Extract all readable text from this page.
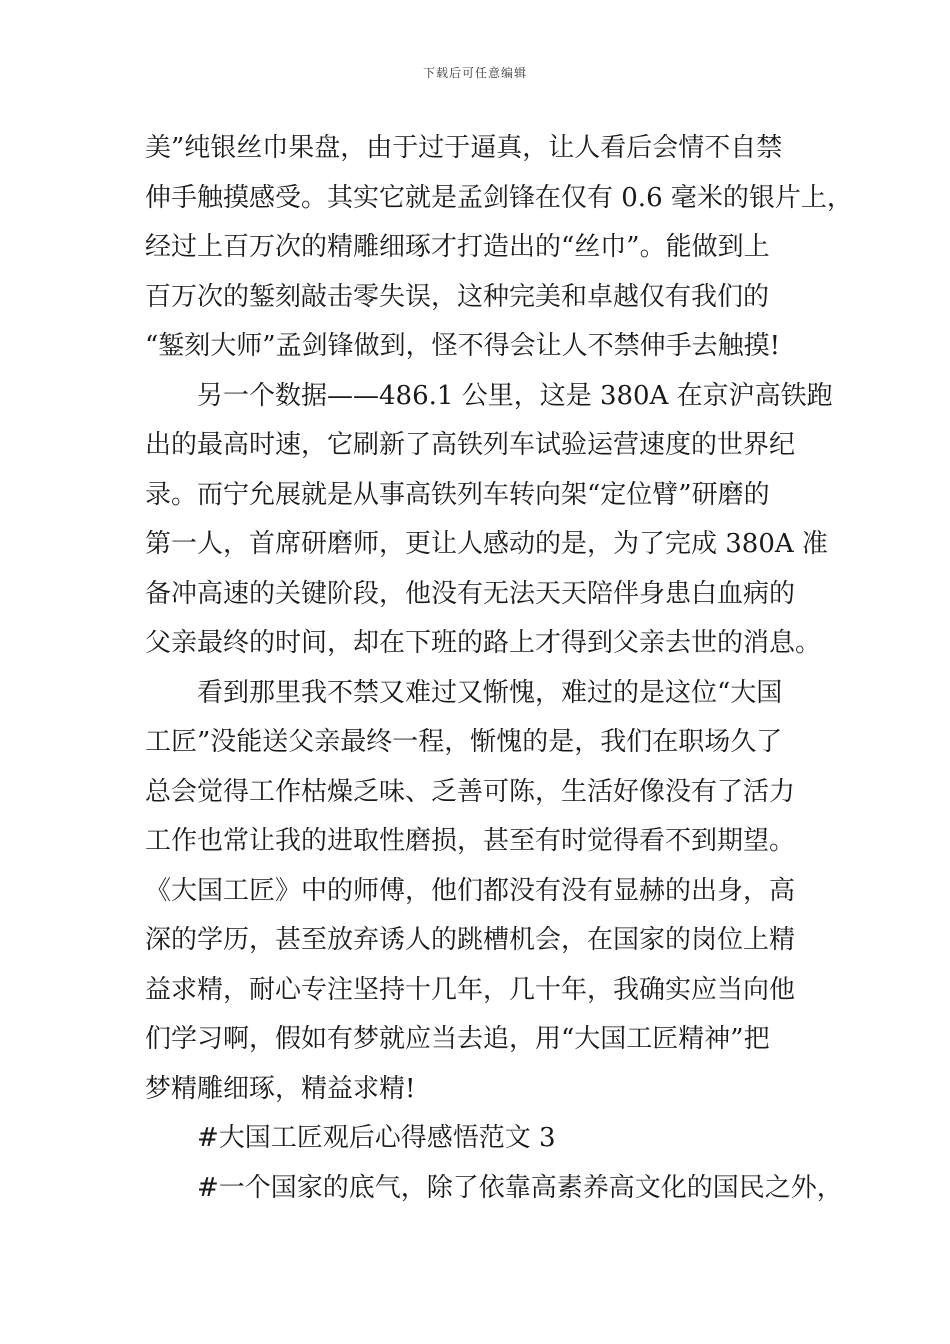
下载后可任意编辑
美”纯银丝巾果盘，由于过于逼真，让人看后会情不自禁
伸手触摸感受。其实它就是孟剑锋在仅有 0.6 毫米的银片上，
经过上百万次的精雕细琢才打造出的“丝巾”。能做到上
百万次的錾刻敲击零失误，这种完美和卓越仅有我们的
“錾刻大师”孟剑锋做到，怪不得会让人不禁伸手去触摸!
另一个数据——486.1 公里，这是 380A 在京沪高铁跑
出的最高时速，它刷新了高铁列车试验运营速度的世界纪
录。而宁允展就是从事高铁列车转向架“定位臂”研磨的
第一人，首席研磨师，更让人感动的是，为了完成 380A 准
备冲高速的关键阶段，他没有无法天天陪伴身患白血病的
父亲最终的时间，却在下班的路上才得到父亲去世的消息。
看到那里我不禁又难过又惭愧，难过的是这位“大国
工匠”没能送父亲最终一程，惭愧的是，我们在职场久了
总会觉得工作枯燥乏味、乏善可陈，生活好像没有了活力
工作也常让我的进取性磨损，甚至有时觉得看不到期望。
《大国工匠》中的师傅，他们都没有没有显赫的出身，高
深的学历，甚至放弃诱人的跳槽机会，在国家的岗位上精
益求精，耐心专注坚持十几年，几十年，我确实应当向他
们学习啊，假如有梦就应当去追，用“大国工匠精神”把
梦精雕细琢，精益求精!
#大国工匠观后心得感悟范文 3
#一个国家的底气，除了依靠高素养高文化的国民之外，
